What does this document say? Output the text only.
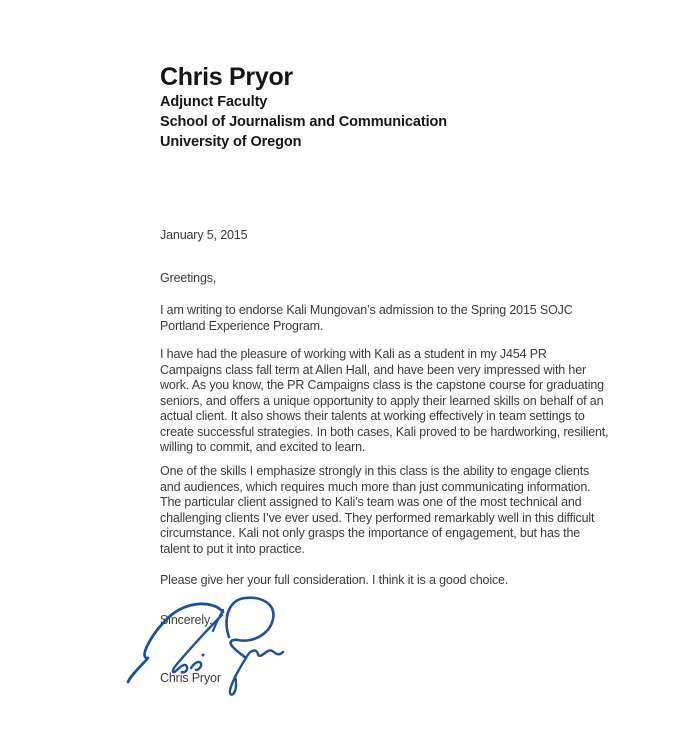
Chris Pryor
Adjunct Faculty
School of Journalism and Communication
University of Oregon
January 5, 2015
Greetings,

I am writing to endorse Kali Mungovan’s admission to the Spring 2015 SOJC Portland Experience Program.

I have had the pleasure of working with Kali as a student in my J454 PR Campaigns class fall term at Allen Hall, and have been very impressed with her work. As you know, the PR Campaigns class is the capstone course for graduating seniors, and offers a unique opportunity to apply their learned skills on behalf of an actual client. It also shows their talents at working effectively in team settings to create successful strategies. In both cases, Kali proved to be hardworking, resilient, willing to commit, and excited to learn.

One of the skills I emphasize strongly in this class is the ability to engage clients and audiences, which requires much more than just communicating information. The particular client assigned to Kali’s team was one of the most technical and challenging clients I’ve ever used. They performed remarkably well in this difficult circumstance. Kali not only grasps the importance of engagement, but has the talent to put it into practice.

Please give her your full consideration. I think it is a good choice.

Sincerely,
Chris Pryor
